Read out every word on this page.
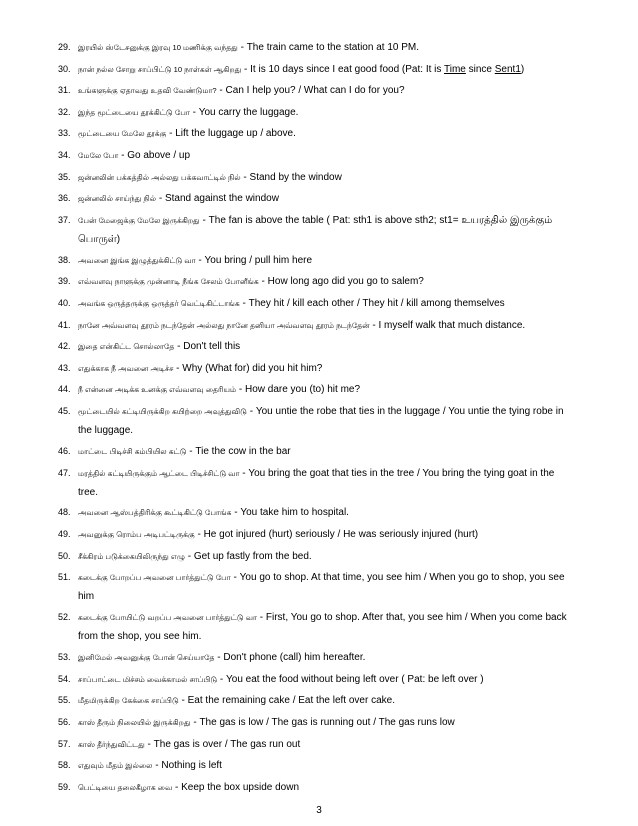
29. இரயில் ஸ்டேசனுக்கு இரவு 10 மணிக்கு வந்தது - The train came to the station at 10 PM.
30. நான் நல்ல சோறு சாப்பிட்டு 10 நாள்கள் ஆகிறது - It is 10 days since I eat good food (Pat: It is Time since Sent1)
31. உங்களுக்கு ஏதாவது உதவி வேண்டுமா? - Can I help you? / What can I do for you?
32. இந்த மூட்டையை தூக்கிட்டு போ - You carry the luggage.
33. மூட்டையை மேலே தூக்கு - Lift the luggage up / above.
34. மேலே போ - Go above / up
35. ஜன்னலின் பக்கத்தில் அல்லது பக்கவாட்டில் நில் - Stand by the window
36. ஜன்னலில் சாய்ந்து நில் - Stand against the window
37. பேன் மேஜைக்கு மேலே இருக்கிறது - The fan is above the table ( Pat: sth1 is above sth2; st1= உயரத்தில் இருக்கும் பொருள்)
38. அவனை இங்க இழுத்துக்கிட்டு வா - You bring / pull him here
39. எவ்வளவு நாளுக்கு முன்னாடி நீங்க சேலம் போனீங்க - How long ago did you go to salem?
40. அவங்க ஒருத்தருக்கு ஒருத்தர் வெட்டிகிட்டாங்க - They hit / kill each other / They hit / kill among themselves
41. நானே அவ்வளவு தூரம் நடந்தேன் அல்லது நானே தனியா அவ்வளவு தூரம் நடந்தேன் - I myself walk that much distance.
42. இதை என்கிட்ட சொல்லாதே - Don't tell this
43. எதுக்காக நீ அவனை அடிச்ச - Why (What for) did you hit him?
44. நீ என்னை அடிக்க உனக்கு எவ்வளவு தைரியம் - How dare you (to) hit me?
45. மூட்டையில் கட்டியிருக்கிற கயிற்றை அவுத்துவிடு - You untie the robe that ties in the luggage / You untie the tying robe in the luggage.
46. மாட்டை பிடிச்சி கம்பியில கட்டு - Tie the cow in the bar
47. மரத்தில் கட்டியிருக்கும் ஆட்டை பிடிச்சிட்டு வா - You bring the goat that ties in the tree / You bring the tying goat in the tree.
48. அவனை ஆஸ்பத்திரிக்கு கூட்டிகிட்டு போங்க - You take him to hospital.
49. அவனுக்கு ரொம்ப அடிபட்டிருக்கு - He got injured (hurt) seriously / He was seriously injured (hurt)
50. சீக்கிரம் படுக்கையிலிருந்து எழு - Get up fastly from the bed.
51. கடைக்கு போறப்ப அவனை பார்த்துட்டு போ - You go to shop. At that time, you see him / When you go to shop, you see him
52. கடைக்கு போயிட்டு வறப்ப அவனை பார்த்துட்டு வா - First, You go to shop. After that, you see him / When you come back from the shop, you see him.
53. இனிமேல் அவனுக்கு போன் செய்யாதே - Don't phone (call) him hereafter.
54. சாப்பாட்டை மிச்சம் வைக்காமல் சாப்பிடு - You eat the food without being left over ( Pat: be left over )
55. மீதமிருக்கிற கேக்கை சாப்பிடு - Eat the remaining cake / Eat the left over cake.
56. காஸ் தீரும் நிலையில் இருக்கிறது - The gas is low / The gas is running out / The gas runs low
57. காஸ் தீர்ந்துவிட்டது - The gas is over / The gas run out
58. எதுவும் மீதம் இல்லை - Nothing is left
59. பெட்டியை தலைகீழாக வை - Keep the box upside down
3
